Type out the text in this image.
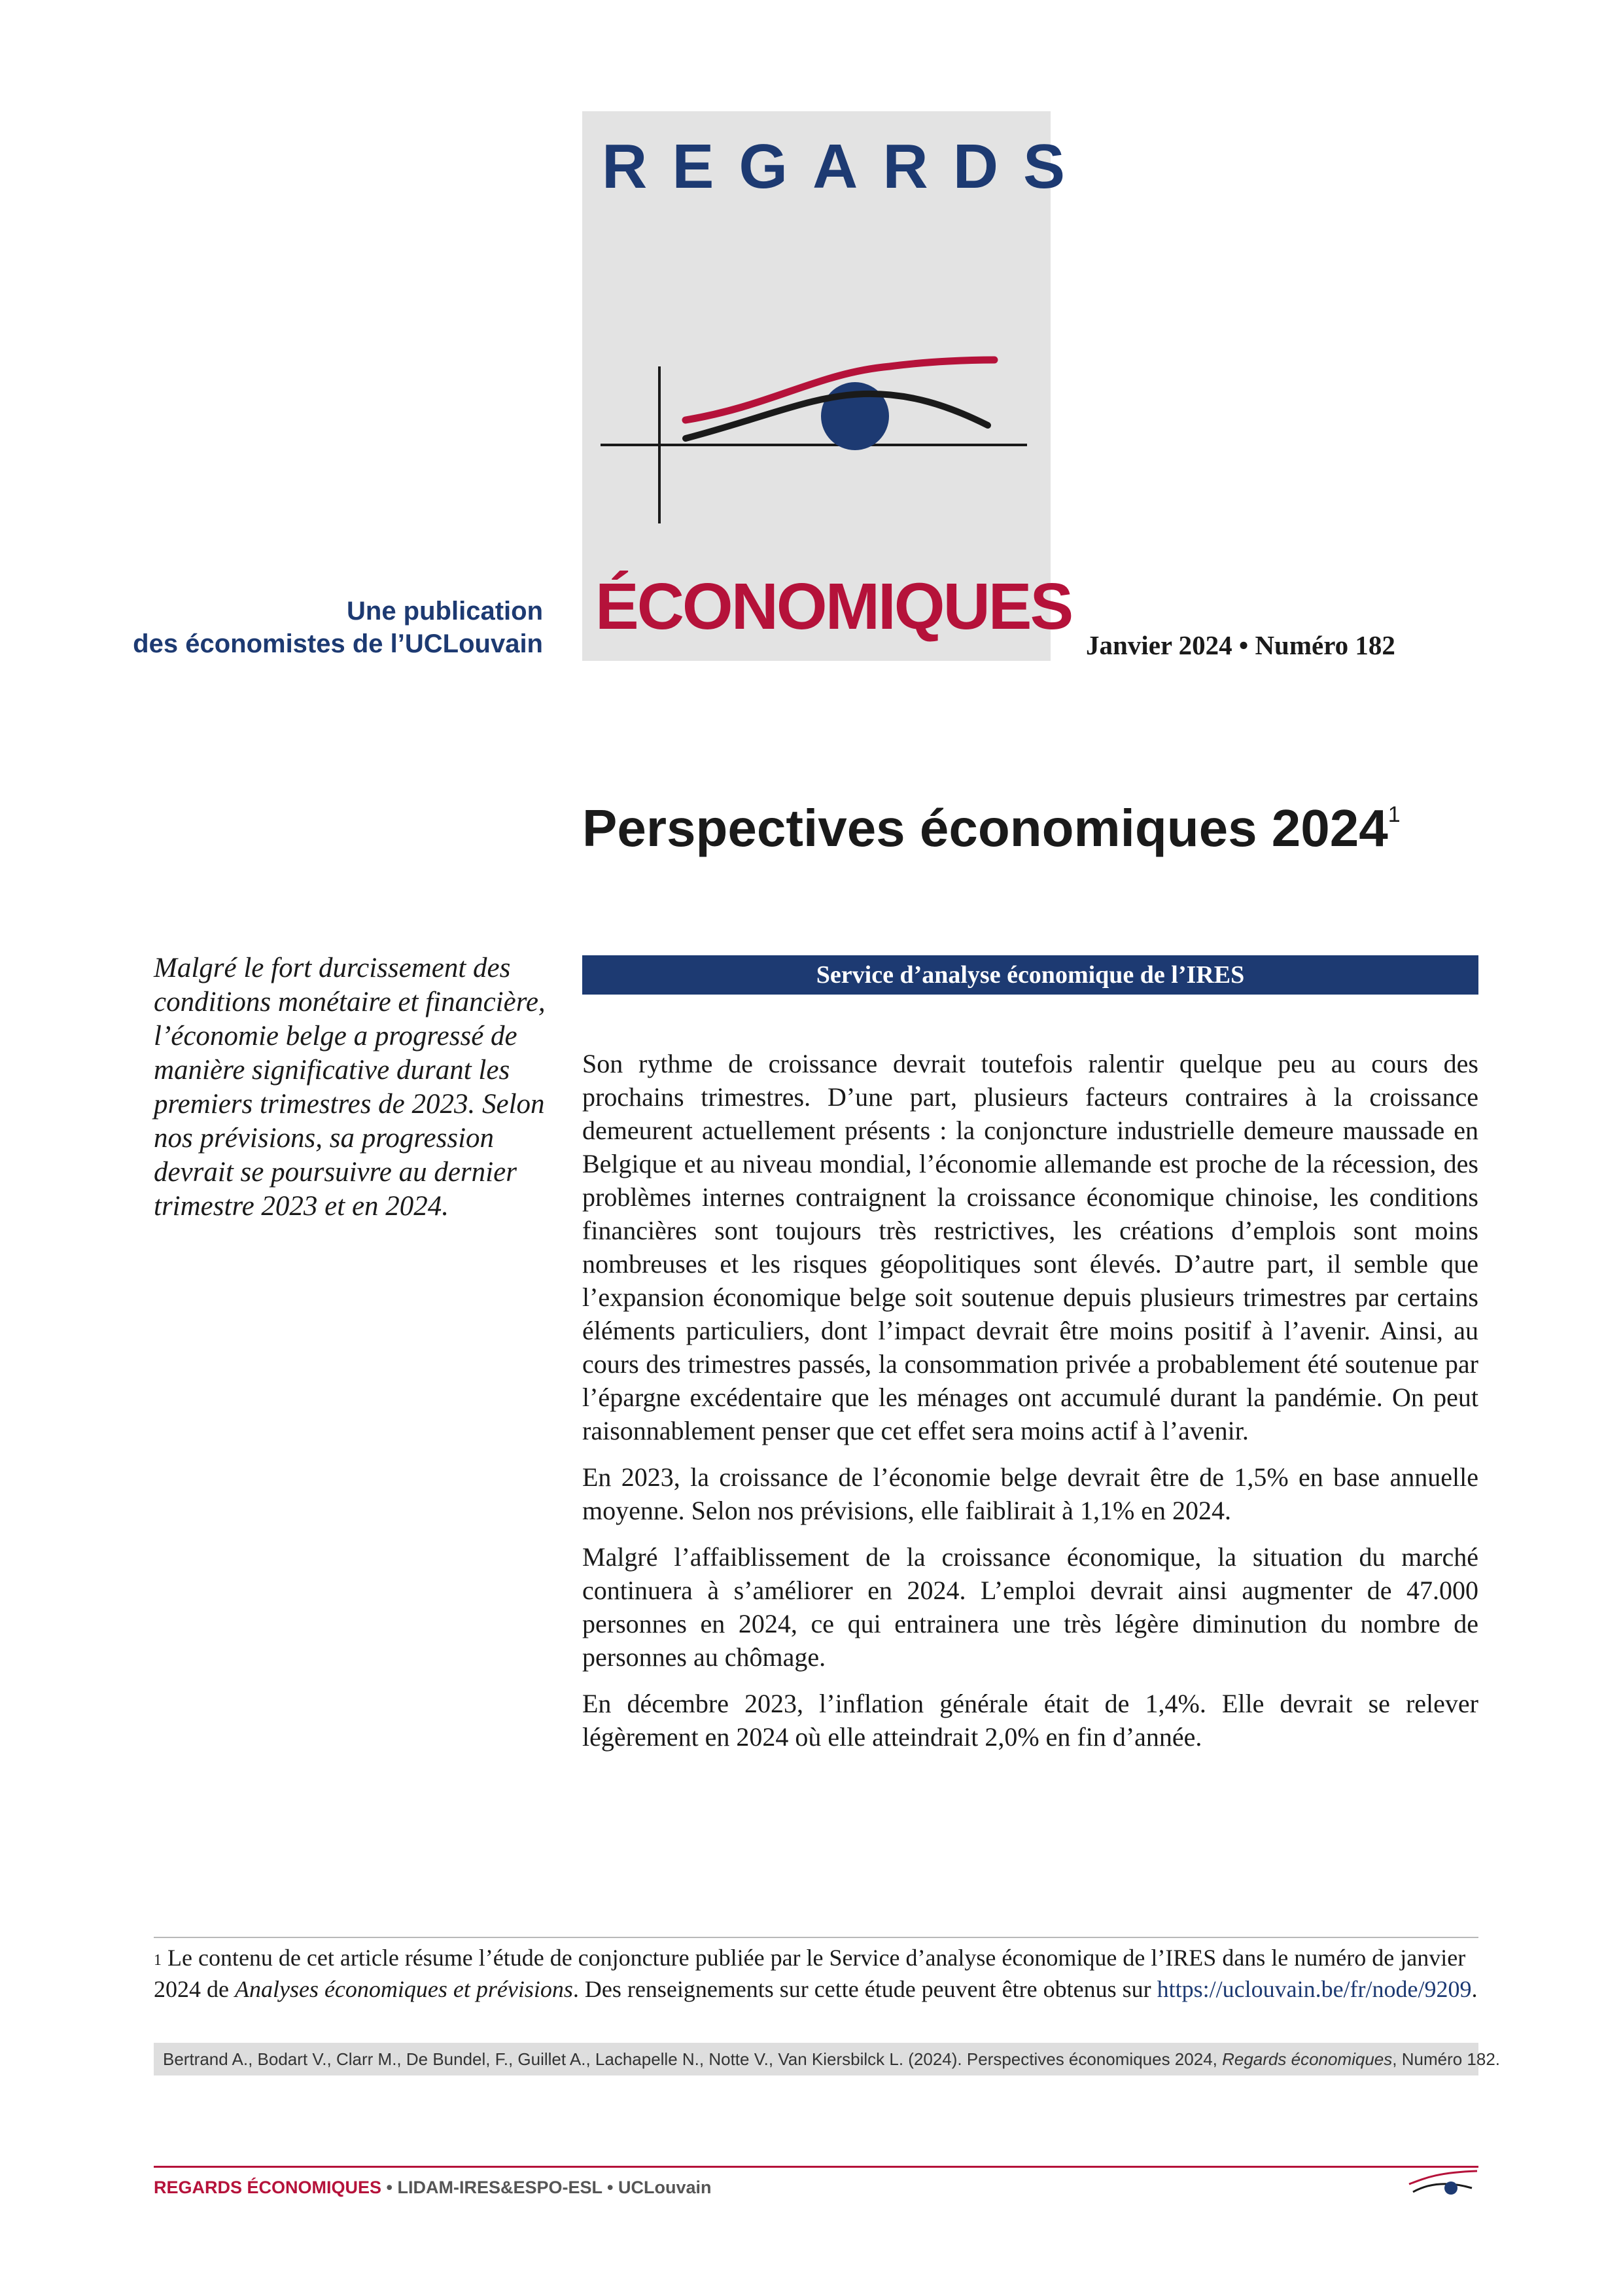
REGARDS
ÉCONOMIQUES
Une publication
des économistes de l’UCLouvain	Janvier 2024 • Numéro 182
Perspectives économiques 2024$^1$
Malgré le fort durcissement des conditions monétaire et financière, l’économie belge a progressé de manière significative durant les premiers trimestres de 2023. Selon nos prévisions, sa progression devrait se poursuivre au dernier trimestre 2023 et en 2024.
Service d’analyse économique de l’IRES

Son rythme de croissance devrait toutefois ralentir quelque peu au cours des prochains trimestres. D’une part, plusieurs facteurs contraires à la croissance demeurent actuellement présents : la conjoncture industrielle demeure maussade en Belgique et au niveau mondial, l’économie allemande est proche de la récession, des problèmes internes contraignent la croissance économique chinoise, les conditions financières sont toujours très restrictives, les créations d’emplois sont moins nombreuses et les risques géopolitiques sont élevés. D’autre part, il semble que l’expansion économique belge soit soutenue depuis plusieurs trimestres par certains éléments particuliers, dont l’impact devrait être moins positif à l’avenir. Ainsi, au cours des trimestres passés, la consommation privée a probablement été soutenue par l’épargne excédentaire que les ménages ont accumulé durant la pandémie. On peut raisonnablement penser que cet effet sera moins actif à l’avenir.

En 2023, la croissance de l’économie belge devrait être de 1,5% en base annuelle moyenne. Selon nos prévisions, elle faiblirait à 1,1% en 2024.

Malgré l’affaiblissement de la croissance économique, la situation du marché continuera à s’améliorer en 2024. L’emploi devrait ainsi augmenter de 47.000 personnes en 2024, ce qui entrainera une très légère diminution du nombre de personnes au chômage.

En décembre 2023, l’inflation générale était de 1,4%. Elle devrait se relever légèrement en 2024 où elle atteindrait 2,0% en fin d’année.

$^1$ Le contenu de cet article résume l’étude de conjoncture publiée par le Service d’analyse économique de l’IRES dans le numéro de janvier 2024 de Analyses économiques et prévisions. Des renseignements sur cette étude peuvent être obtenus sur https://uclouvain.be/fr/node/9209.
Bertrand A., Bodart V., Clarr M., De Bundel, F., Guillet A., Lachapelle N., Notte V., Van Kiersbilck L. (2024). Perspectives économiques 2024, Regards économiques, Numéro 182.
REGARDS ÉCONOMIQUES • LIDAM-IRES&ESPO-ESL • UCLouvain
